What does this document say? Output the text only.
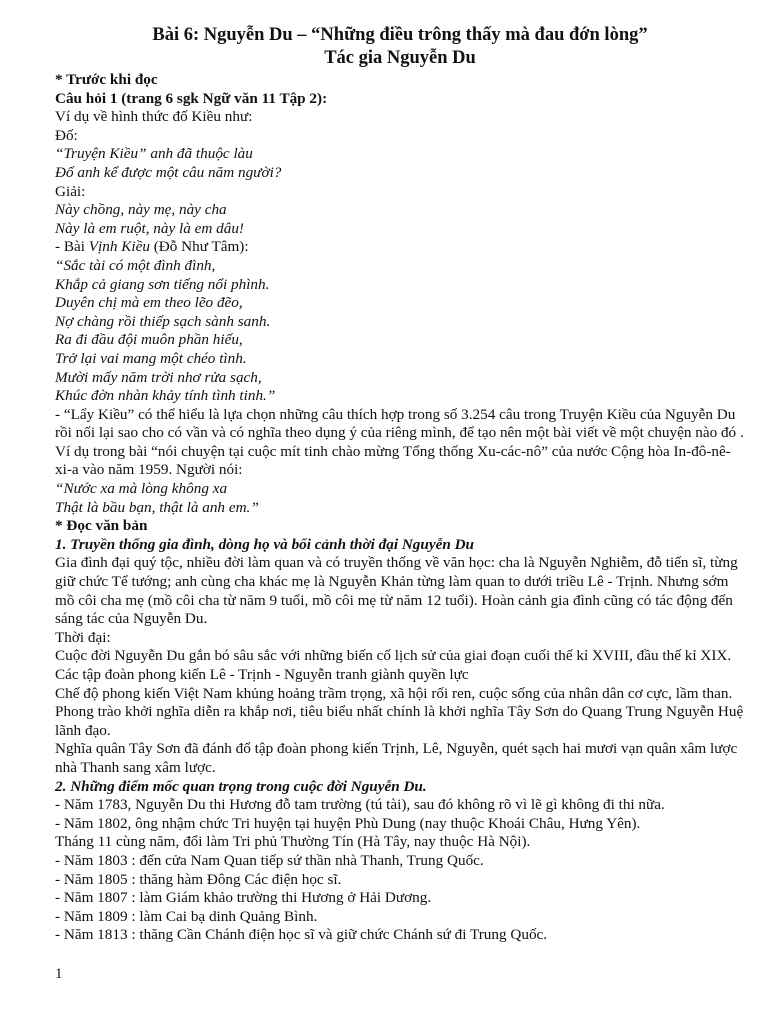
Bài 6: Nguyễn Du – “Những điều trông thấy mà đau đớn lòng”
Tác gia Nguyễn Du

* Trước khi đọc

Câu hỏi 1 (trang 6 sgk Ngữ văn 11 Tập 2):

Ví dụ về hình thức đố Kiều như:

Đố:

“Truyện Kiều” anh đã thuộc làu

Đố anh kể được một câu năm người?

Giải:

Này chồng, này mẹ, này cha

Này là em ruột, này là em dâu!

- Bài Vịnh Kiều (Đỗ Như Tâm):

“Sắc tài có một đình đình,

Khắp cả giang sơn tiếng nổi phình.

Duyên chị mà em theo lẽo đẽo,

Nợ chàng rồi thiếp sạch sành sanh.

Ra đi đầu đội muôn phần hiếu,

Trở lại vai mang một chéo tình.

Mười mấy năm trời nhơ rửa sạch,

Khúc đờn nhàn khảy tính tình tinh.”

- “Lẩy Kiều” có thể hiểu là lựa chọn những câu thích hợp trong số 3.254 câu trong Truyện Kiều của Nguyễn Du rồi nối lại sao cho có vần và có nghĩa theo dụng ý của riêng mình, để tạo nên một bài viết về một chuyện nào đó . Ví dụ trong bài “nói chuyện tại cuộc mít tinh chào mừng Tổng thống Xu-các-nô” của nước Cộng hòa In-đô-nê-xi-a vào năm 1959. Người nói:

“Nước xa mà lòng không xa

Thật là bầu bạn, thật là anh em.”

* Đọc văn bản

1. Truyền thống gia đình, dòng họ và bối cảnh thời đại Nguyễn Du

Gia đình đại quý tộc, nhiều đời làm quan và có truyền thống về văn học: cha là Nguyễn Nghiễm, đỗ tiến sĩ, từng giữ chức Tể tướng; anh cùng cha khác mẹ là Nguyễn Khản từng làm quan to dưới triều Lê - Trịnh. Nhưng sớm mồ côi cha mẹ (mồ côi cha từ năm 9 tuổi, mồ côi mẹ từ năm 12 tuổi). Hoàn cảnh gia đình cũng có tác động đến sáng tác của Nguyễn Du.

Thời đại:

Cuộc đời Nguyễn Du gắn bó sâu sắc với những biến cố lịch sử của giai đoạn cuối thế kỉ XVIII, đầu thế kỉ XIX. Các tập đoàn phong kiến Lê - Trịnh - Nguyễn tranh giành quyền lực

Chế độ phong kiến Việt Nam khủng hoảng trầm trọng, xã hội rối ren, cuộc sống của nhân dân cơ cực, lầm than.

Phong trào khởi nghĩa diễn ra khắp nơi, tiêu biểu nhất chính là khởi nghĩa Tây Sơn do Quang Trung Nguyễn Huệ lãnh đạo.

Nghĩa quân Tây Sơn đã đánh đổ tập đoàn phong kiến Trịnh, Lê, Nguyễn, quét sạch hai mươi vạn quân xâm lược nhà Thanh sang xâm lược.

2. Những điểm mốc quan trọng trong cuộc đời Nguyễn Du.

- Năm 1783, Nguyễn Du thi Hương đỗ tam trường (tú tài), sau đó không rõ vì lẽ gì không đi thi nữa.

- Năm 1802, ông nhậm chức Tri huyện tại huyện Phù Dung (nay thuộc Khoái Châu, Hưng Yên).

Tháng 11 cùng năm, đổi làm Tri phủ Thường Tín (Hà Tây, nay thuộc Hà Nội).

- Năm 1803 : đến cửa Nam Quan tiếp sứ thần nhà Thanh, Trung Quốc.

- Năm 1805 : thăng hàm Đông Các điện học sĩ.

- Năm 1807 : làm Giám khảo trường thi Hương ở Hải Dương.

- Năm 1809 : làm Cai bạ dinh Quảng Bình.

- Năm 1813 : thăng Cần Chánh điện học sĩ và giữ chức Chánh sứ đi Trung Quốc.

1
